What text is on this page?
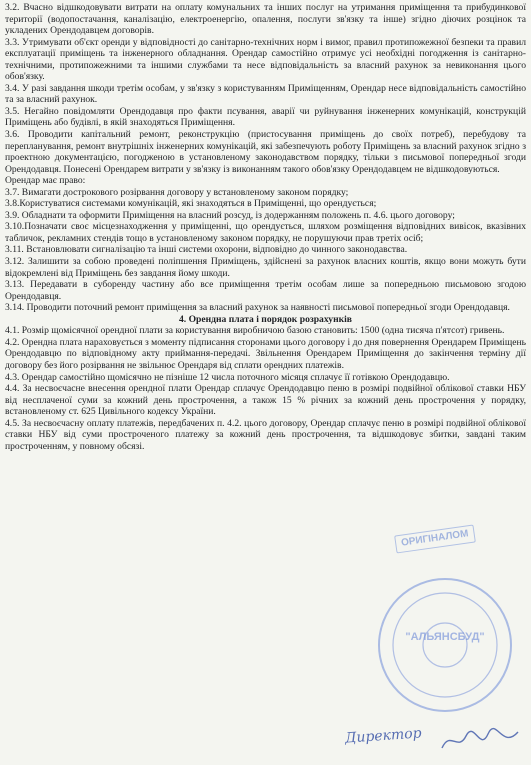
3.2. Вчасно відшкодовувати витрати на оплату комунальних та інших послуг на утримання приміщення та прибудинкової території (водопостачання, каналізацію, електроенергію, опалення, послуги зв'язку та інше) згідно діючих розцінок та укладених Орендодавцем договорів.

3.3. Утримувати об'єкт оренди у відповідності до санітарно-технічних норм і вимог, правил протипожежної безпеки та правил експлуатації приміщень та інженерного обладнання. Орендар самостійно отримує усі необхідні погодження із санітарно-технічними, протипожежними та іншими службами та несе відповідальність за власний рахунок за невиконання цього обов'язку.

3.4. У разі завдання шкоди третім особам, у зв'язку з користуванням Приміщенням, Орендар несе відповідальність самостійно та за власний рахунок.

3.5. Негайно повідомляти Орендодавця про факти псування, аварії чи руйнування інженерних комунікацій, конструкцій Приміщень або будівлі, в якій знаходяться Приміщення.

3.6. Проводити капітальний ремонт, реконструкцію (пристосування приміщень до своїх потреб), перебудову та перепланування, ремонт внутрішніх інженерних комунікацій, які забезпечують роботу Приміщень за власний рахунок згідно з проектною документацією, погодженою в установленому законодавством порядку, тільки з письмової попередньої згоди Орендодавця. Понесені Орендарем витрати у зв'язку із виконанням такого обов'язку Орендодавцем не відшкодовуються.

Орендар має право:

3.7. Вимагати дострокового розірвання договору у встановленому законом порядку;

3.8.Користуватися системами комунікацій, які знаходяться в Приміщенні, що орендується;

3.9. Обладнати та оформити Приміщення на власний розсуд, із додержанням положень п. 4.6. цього договору;

3.10.Позначати своє місцезнаходження у приміщенні, що орендується, шляхом розміщення відповідних вивісок, вказівних табличок, рекламних стендів тощо в установленому законом порядку, не порушуючи прав третіх осіб;

3.11. Встановлювати сигналізацію та інші системи охорони, відповідно до чинного законодавства.

3.12. Залишити за собою проведені поліпшення Приміщень, здійснені за рахунок власних коштів, якщо вони можуть бути відокремлені від Приміщень без завдання йому шкоди.

3.13. Передавати в суборенду частину або все приміщення третім особам лише за попередньою письмовою згодою Орендодавця.

3.14. Проводити поточний ремонт приміщення за власний рахунок за наявності письмової попередньої згоди Орендодавця.

4. Орендна плата і порядок розрахунків

4.1. Розмір щомісячної орендної плати за користування виробничою базою становить: 1500 (одна тисяча п'ятсот) гривень.

4.2. Орендна плата нараховується з моменту підписання сторонами цього договору і до дня повернення Орендарем Приміщень Орендодавцю по відповідному акту приймання-передачі. Звільнення Орендарем Приміщення до закінчення терміну дії договору без його розірвання не звільнює Орендаря від сплати орендних платежів.

4.3. Орендар самостійно щомісячно не пізніше 12 числа поточного місяця сплачує її готівкою Орендодавцю.

4.4. За несвоєчасне внесення орендної плати Орендар сплачує Орендодавцю пеню в розмірі подвійної облікової ставки НБУ від несплаченої суми за кожний день прострочення, а також 15 % річних за кожний день прострочення у порядку, встановленому ст. 625 Цивільного кодексу України.

4.5. За несвоєчасну оплату платежів, передбачених п. 4.2. цього договору, Орендар сплачує пеню в розмірі подвійної облікової ставки НБУ від суми простроченого платежу за кожний день прострочення, та відшкодовує збитки, завдані таким простроченням, у повному обсязі.

"АЛЬЯНСБУД"
ОРИГІНАЛОМ
Директор
